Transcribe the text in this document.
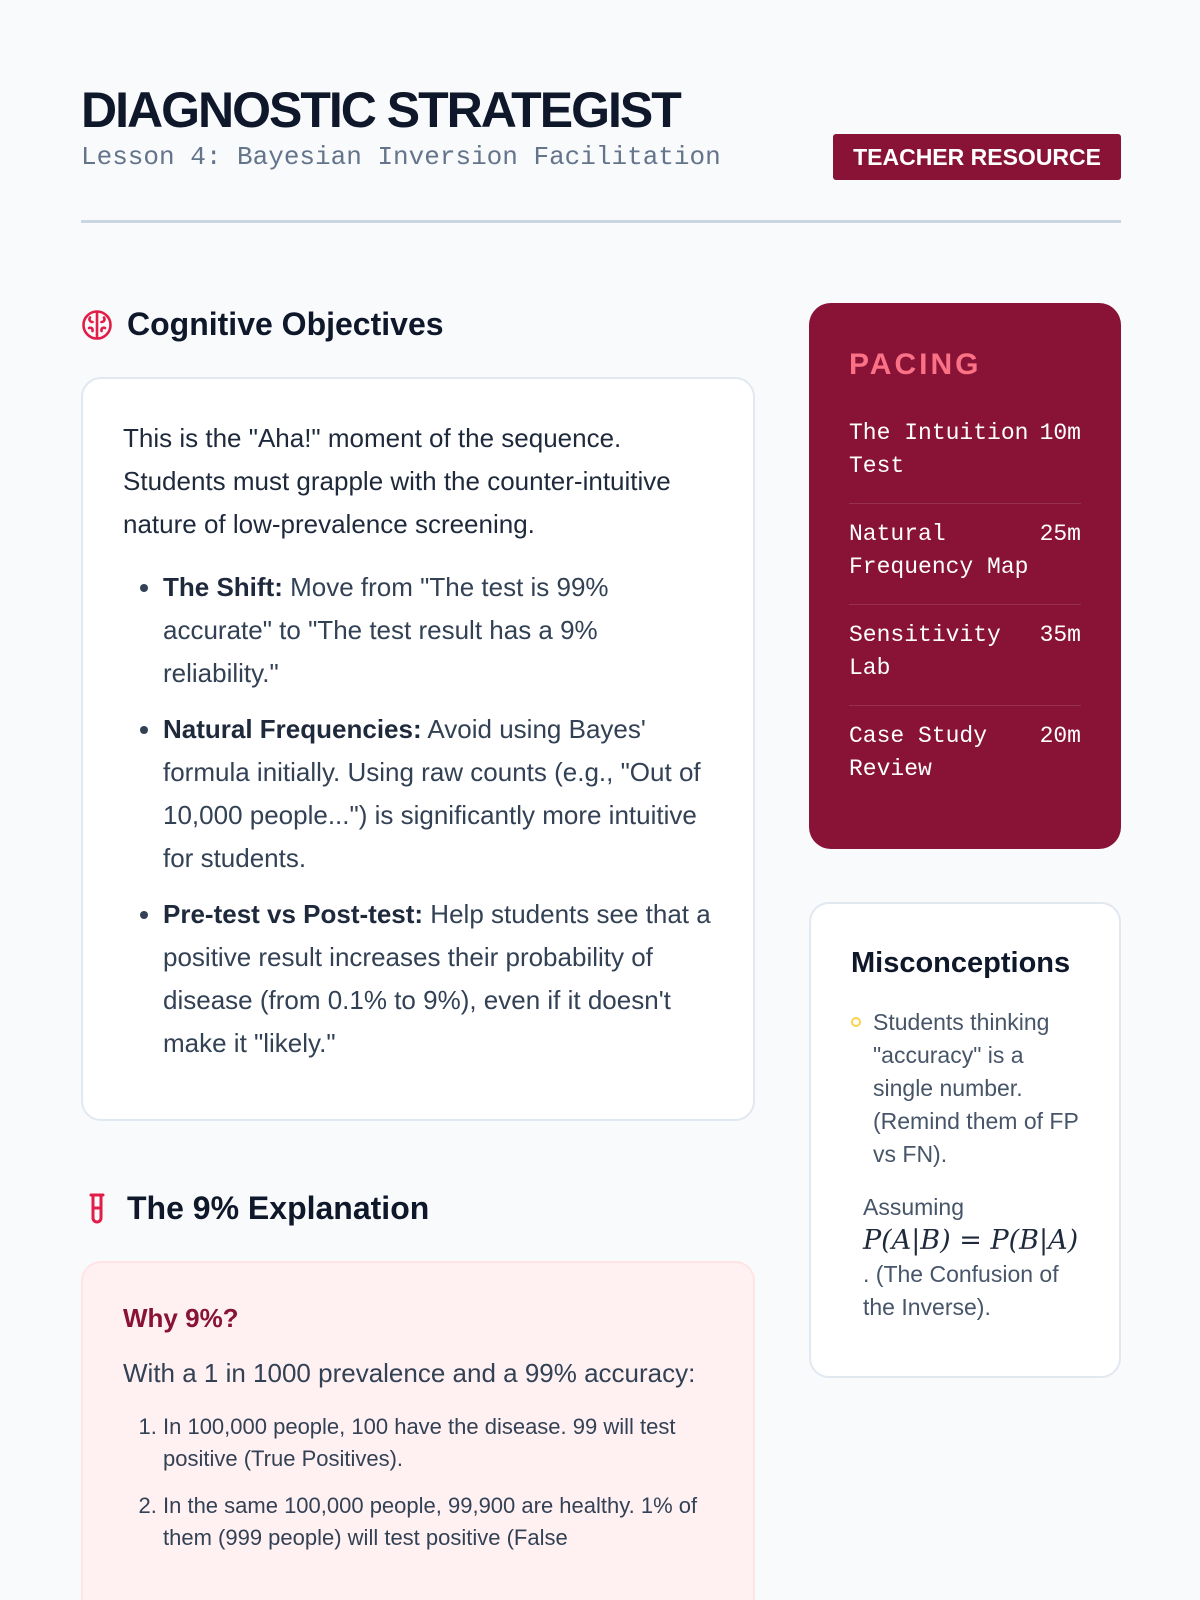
DIAGNOSTIC STRATEGIST
Lesson 4: Bayesian Inversion Facilitation	TEACHER RESOURCE
Cognitive Objectives

This is the "Aha!" moment of the sequence. Students must grapple with the counter-intuitive nature of low-prevalence screening.

• The Shift: Move from "The test is 99% accurate" to "The test result has a 9% reliability."
• Natural Frequencies: Avoid using Bayes' formula initially. Using raw counts (e.g., "Out of 10,000 people...") is significantly more intuitive for students.
• Pre-test vs Post-test: Help students see that a positive result increases their probability of disease (from 0.1% to 9%), even if it doesn't make it "likely."
The 9% Explanation
Why 9%?

With a 1 in 1000 prevalence and a 99% accuracy:

1. In 100,000 people, 100 have the disease. 99 will test positive (True Positives).
2. In the same 100,000 people, 99,900 are healthy. 1% of them (999 people) will test positive (False
PACING
The Intuition Test
10m
Natural Frequency Map
25m
Sensitivity Lab
35m
Case Study Review
20m
Misconceptions
Students thinking "accuracy" is a single number. (Remind them of FP vs FN).
Assuming
P(A|B) = P(B|A)
. (The Confusion of the Inverse).
